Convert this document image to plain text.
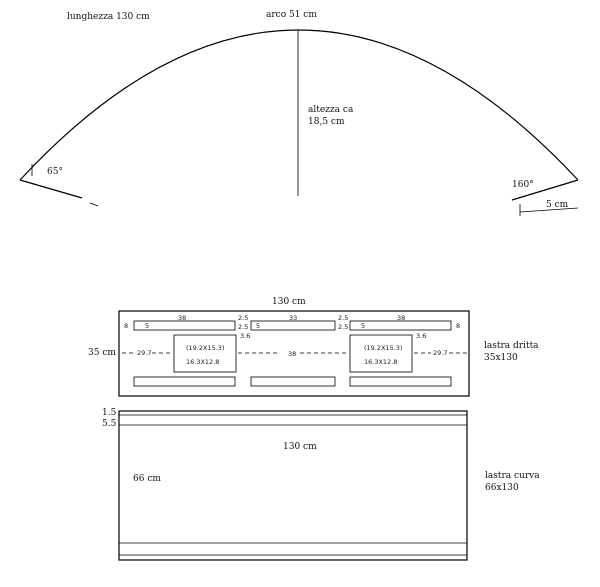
lunghezza 130 cm	arco 51 cm
altezza ca
18,5 cm
65°
160°
5 cm
130 cm
38	33	38
8	8
5	5	5
2.5
2.5
2.5
2.5
3.6	3.6
(19.2X15.3)
16.3X12.8
(19.2X15.3)
16.3X12.8
29.7	38	29.7
35 cm
lastra dritta
35x130
1.5
5.5
130 cm
66 cm	lastra curva
66x130
